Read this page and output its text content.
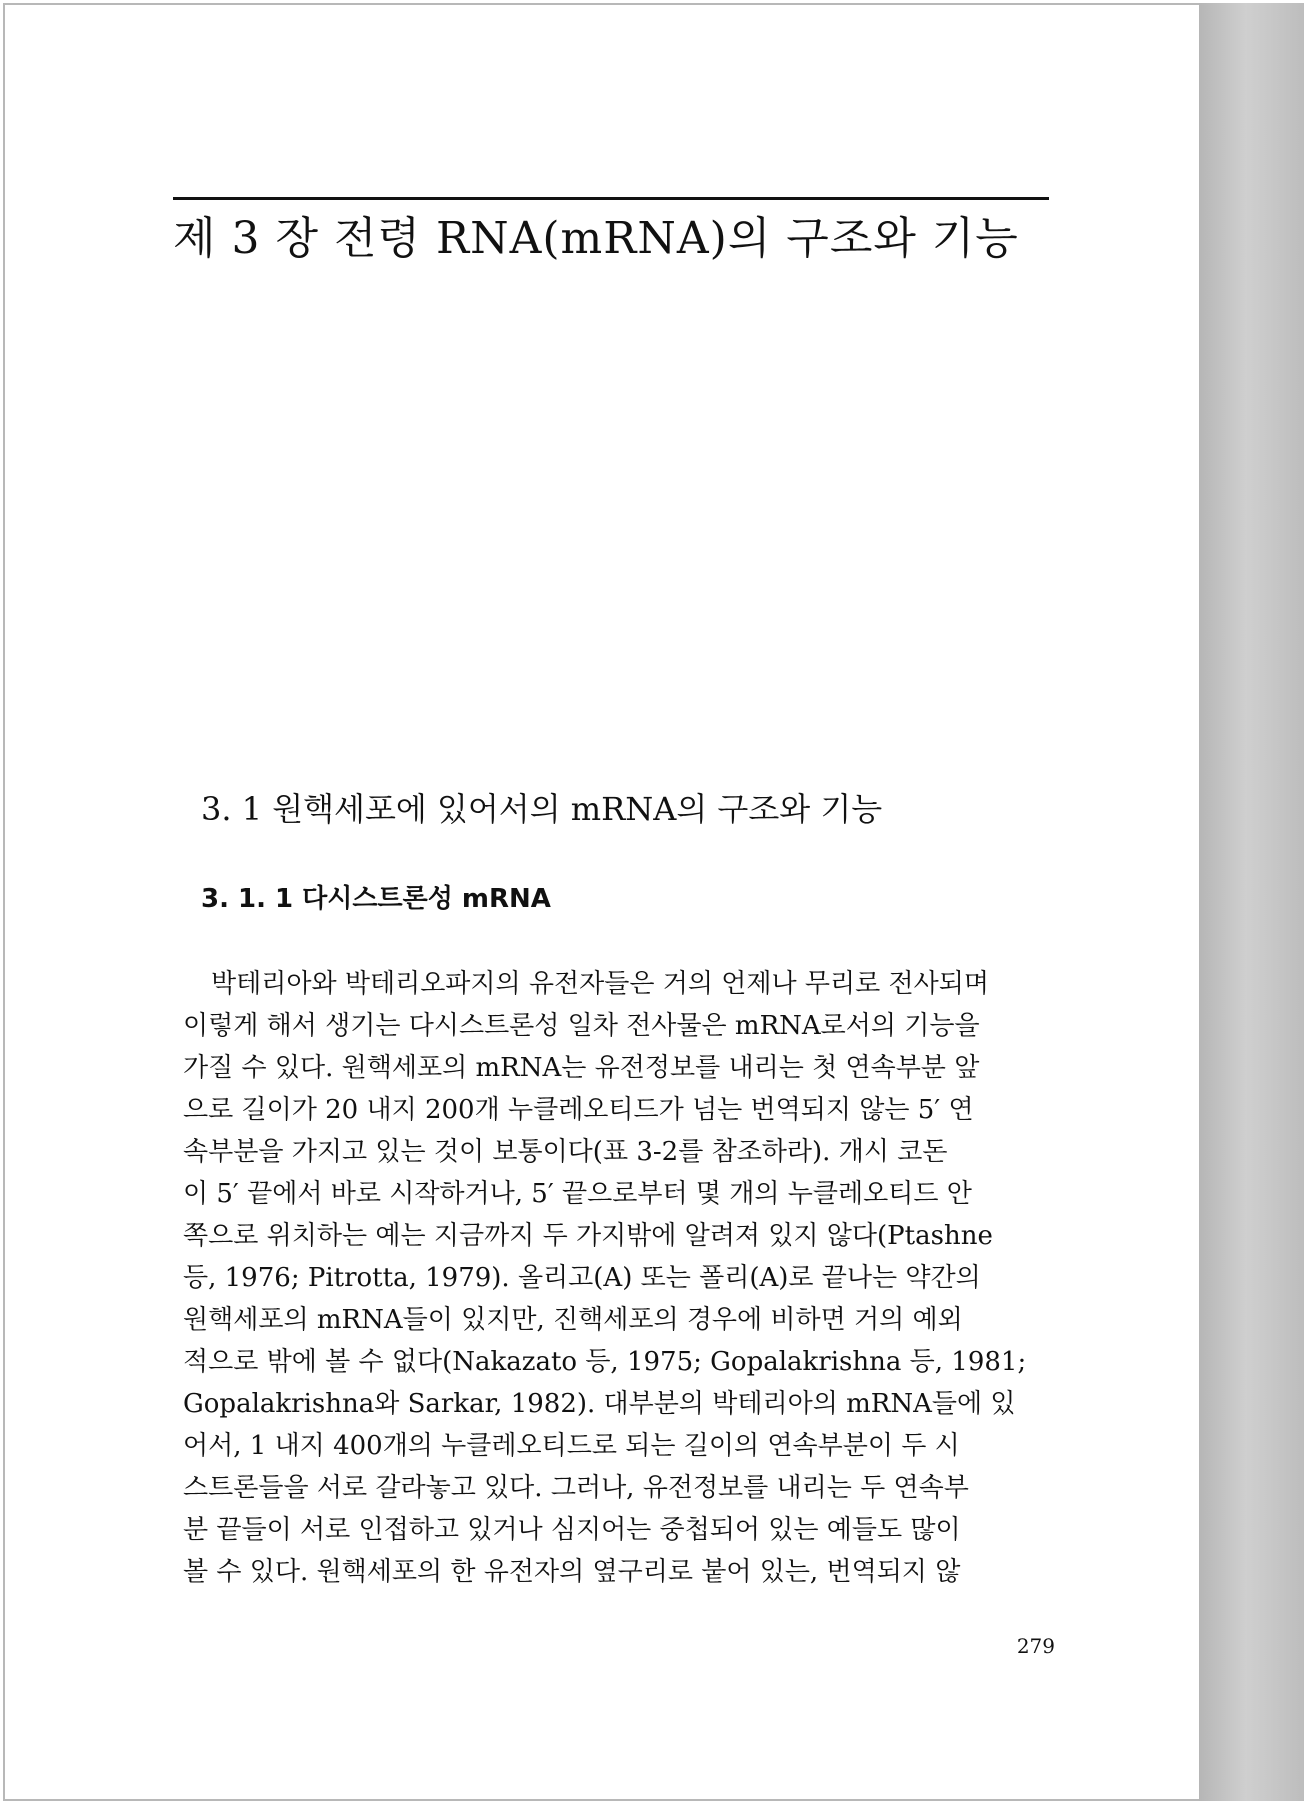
제 3 장 전령 RNA(mRNA)의 구조와 기능
3. 1 원핵세포에 있어서의 mRNA의 구조와 기능
3. 1. 1 다시스트론성 mRNA
박테리아와 박테리오파지의 유전자들은 거의 언제나 무리로 전사되며
이렇게 해서 생기는 다시스트론성 일차 전사물은 mRNA로서의 기능을
가질 수 있다. 원핵세포의 mRNA는 유전정보를 내리는 첫 연속부분 앞
으로 길이가 20 내지 200개 누클레오티드가 넘는 번역되지 않는 5′ 연
속부분을 가지고 있는 것이 보통이다(표 3-2를 참조하라). 개시 코돈
이 5′ 끝에서 바로 시작하거나, 5′ 끝으로부터 몇 개의 누클레오티드 안
쪽으로 위치하는 예는 지금까지 두 가지밖에 알려져 있지 않다(Ptashne
등, 1976; Pitrotta, 1979). 올리고(A) 또는 폴리(A)로 끝나는 약간의
원핵세포의 mRNA들이 있지만, 진핵세포의 경우에 비하면 거의 예외
적으로 밖에 볼 수 없다(Nakazato 등, 1975; Gopalakrishna 등, 1981;
Gopalakrishna와 Sarkar, 1982). 대부분의 박테리아의 mRNA들에 있
어서, 1 내지 400개의 누클레오티드로 되는 길이의 연속부분이 두 시
스트론들을 서로 갈라놓고 있다. 그러나, 유전정보를 내리는 두 연속부
분 끝들이 서로 인접하고 있거나 심지어는 중첩되어 있는 예들도 많이
볼 수 있다. 원핵세포의 한 유전자의 옆구리로 붙어 있는, 번역되지 않
279
